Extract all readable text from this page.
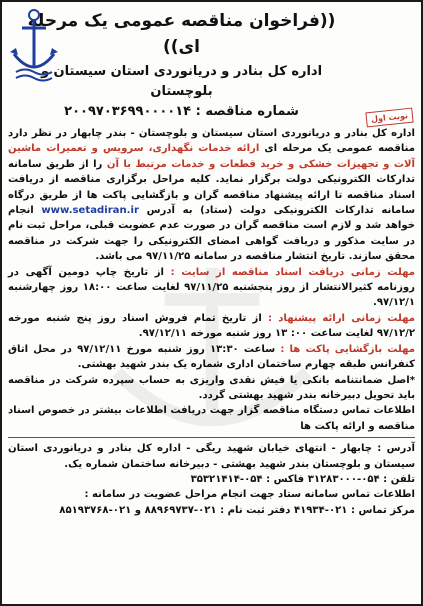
((فراخوان مناقصه عمومی یک مرحله ای))
اداره کل بنادر و دریانوردی استان سیستان و بلوچستان
شماره مناقصه : ۲۰۰۹۷۰۳۶۹۹۰۰۰۰۱۴	نوبت اول

اداره کل بنادر و دریانوردی استان سیستان و بلوچستان - بندر چابهار در نظر دارد مناقصه عمومی یک مرحله ای ارائه خدمات نگهداری، سرویس و تعمیرات ماشین آلات و تجهیزات خشکی و خرید قطعات و خدمات مرتبط با آن را از طریق سامانه تدارکات الکترونیکی دولت برگزار نماید. کلیه مراحل برگزاری مناقصه از دریافت اسناد مناقصه تا ارائه پیشنهاد مناقصه گران و بازگشایی پاکت ها از طریق درگاه سامانه تدارکات الکترونیکی دولت (ستاد) به آدرس www.setadiran.ir انجام خواهد شد و لازم است مناقصه گران در صورت عدم عضویت قبلی، مراحل ثبت نام در سایت مذکور و دریافت گواهی امضای الکترونیکی را جهت شرکت در مناقصه محقق سازند. تاریخ انتشار مناقصه در سامانه ۹۷/۱۱/۲۵ می باشد.

مهلت زمانی دریافت اسناد مناقصه از سایت : از تاریخ چاپ دومین آگهی در روزنامه کثیرالانتشار از روز پنجشنبه ۹۷/۱۱/۲۵ لغایت ساعت ۱۸:۰۰ روز چهارشنبه ۹۷/۱۲/۱.

مهلت زمانی ارائه پیشنهاد : از تاریخ تمام فروش اسناد روز پنج شنبه مورخه ۹۷/۱۲/۲ لغایت ساعت ۰۰: ۱۳ روز شنبه مورخه ۹۷/۱۲/۱۱.

مهلت بازگشایی پاکت ها : ساعت ۱۳:۳۰ روز شنبه مورخ ۹۷/۱۲/۱۱ در محل اتاق کنفرانس طبقه چهارم ساختمان اداری شماره یک بندر شهید بهشتی.

*اصل ضمانتنامه بانکی یا فیش نقدی واریزی به حساب سپرده شرکت در مناقصه باید تحویل دبیرخانه بندر شهید بهشتی گردد.

اطلاعات تماس دستگاه مناقصه گزار جهت دریافت اطلاعات بیشتر در خصوص اسناد مناقصه و ارائه پاکت ها

آدرس : چابهار - انتهای خیابان شهید ریگی - اداره کل بنادر و دریانوردی استان سیستان و بلوچستان بندر شهید بهشتی - دبیرخانه ساختمان شماره یک.

تلفن : ۰۵۴-۳۱۲۸۳۰۰۰ فاکس : ۰۵۴-۳۵۳۲۱۴۱۴

اطلاعات تماس سامانه ستاد جهت انجام مراحل عضویت در سامانه :

مرکز تماس : ۰۲۱-۴۱۹۳۴ دفتر ثبت نام : ۰۲۱-۸۸۹۶۹۷۳۷ و ۰۲۱-۸۵۱۹۳۷۶۸
